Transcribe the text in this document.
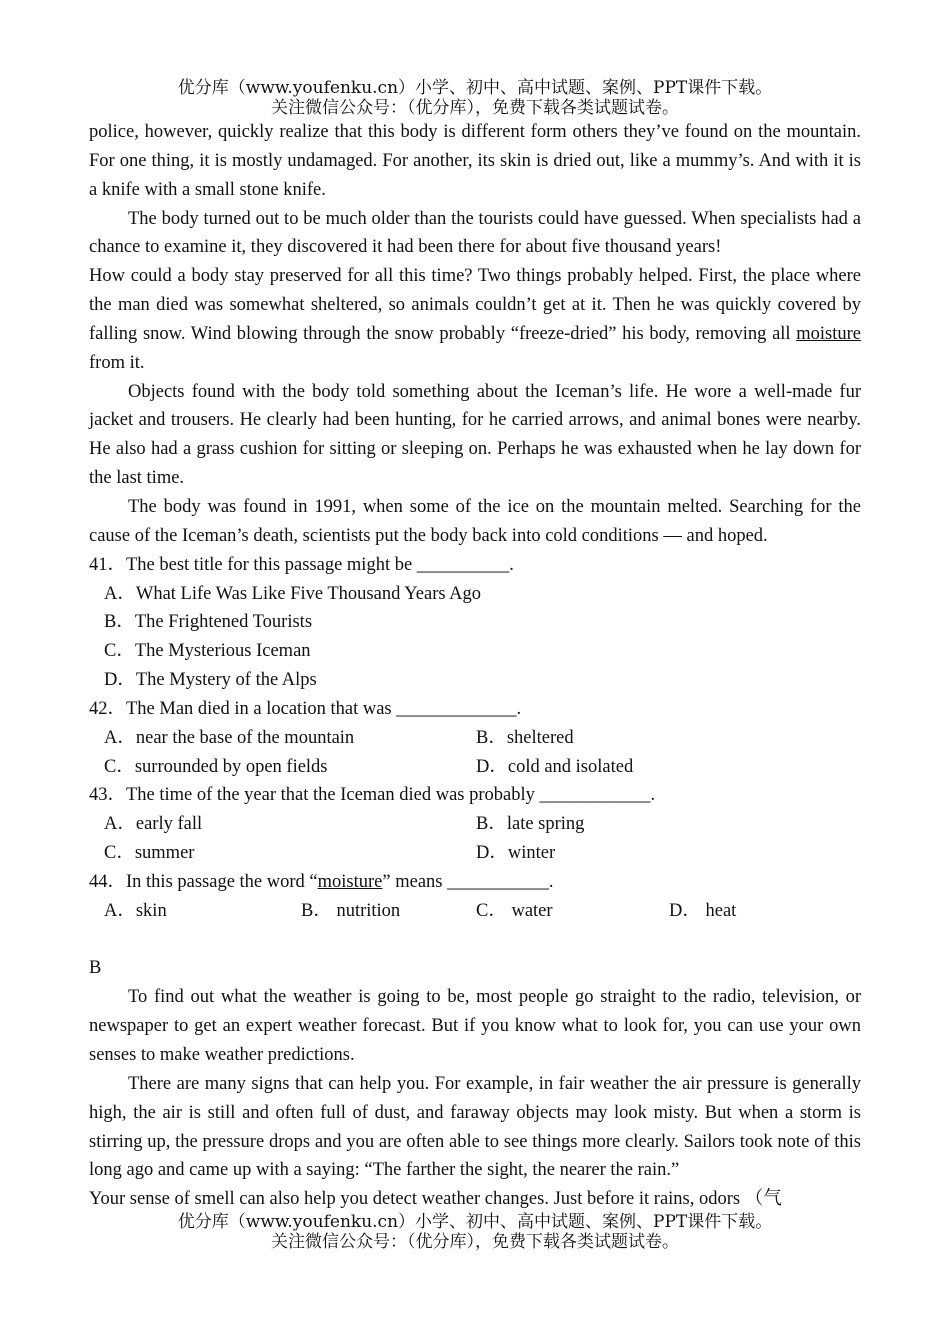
优分库（www.youfenku.cn）小学、初中、高中试题、案例、PPT课件下载。
关注微信公众号：（优分库），免费下载各类试题试卷。

police, however, quickly realize that this body is different form others they’ve found on the mountain. For one thing, it is mostly undamaged. For another, its skin is dried out, like a mummy’s. And with it is a knife with a small stone knife.

The body turned out to be much older than the tourists could have guessed. When specialists had a chance to examine it, they discovered it had been there for about five thousand years!

How could a body stay preserved for all this time? Two things probably helped. First, the place where the man died was somewhat sheltered, so animals couldn’t get at it. Then he was quickly covered by falling snow. Wind blowing through the snow probably “freeze-dried” his body, removing all moisture from it.

Objects found with the body told something about the Iceman’s life. He wore a well-made fur jacket and trousers. He clearly had been hunting, for he carried arrows, and animal bones were nearby. He also had a grass cushion for sitting or sleeping on. Perhaps he was exhausted when he lay down for the last time.

The body was found in 1991, when some of the ice on the mountain melted. Searching for the cause of the Iceman’s death, scientists put the body back into cold conditions — and hoped.

41．The best title for this passage might be __________.
A．What Life Was Like Five Thousand Years Ago
B．The Frightened Tourists
C．The Mysterious Iceman
D．The Mystery of the Alps
42．The Man died in a location that was _____________.
A．near the base of the mountain	B．sheltered
C．surrounded by open fields	D．cold and isolated
43．The time of the year that the Iceman died was probably ____________.
A．early fall	B．late spring
C．summer	D．winter
44．In this passage the word “moisture” means ___________.
A．skin	B． nutrition	C． water	D． heat

B

To find out what the weather is going to be, most people go straight to the radio, television, or newspaper to get an expert weather forecast. But if you know what to look for, you can use your own senses to make weather predictions.

There are many signs that can help you. For example, in fair weather the air pressure is generally high, the air is still and often full of dust, and faraway objects may look misty. But when a storm is stirring up, the pressure drops and you are often able to see things more clearly. Sailors took note of this long ago and came up with a saying: “The farther the sight, the nearer the rain.”

Your sense of smell can also help you detect weather changes. Just before it rains, odors （气

优分库（www.youfenku.cn）小学、初中、高中试题、案例、PPT课件下载。
关注微信公众号：（优分库），免费下载各类试题试卷。
